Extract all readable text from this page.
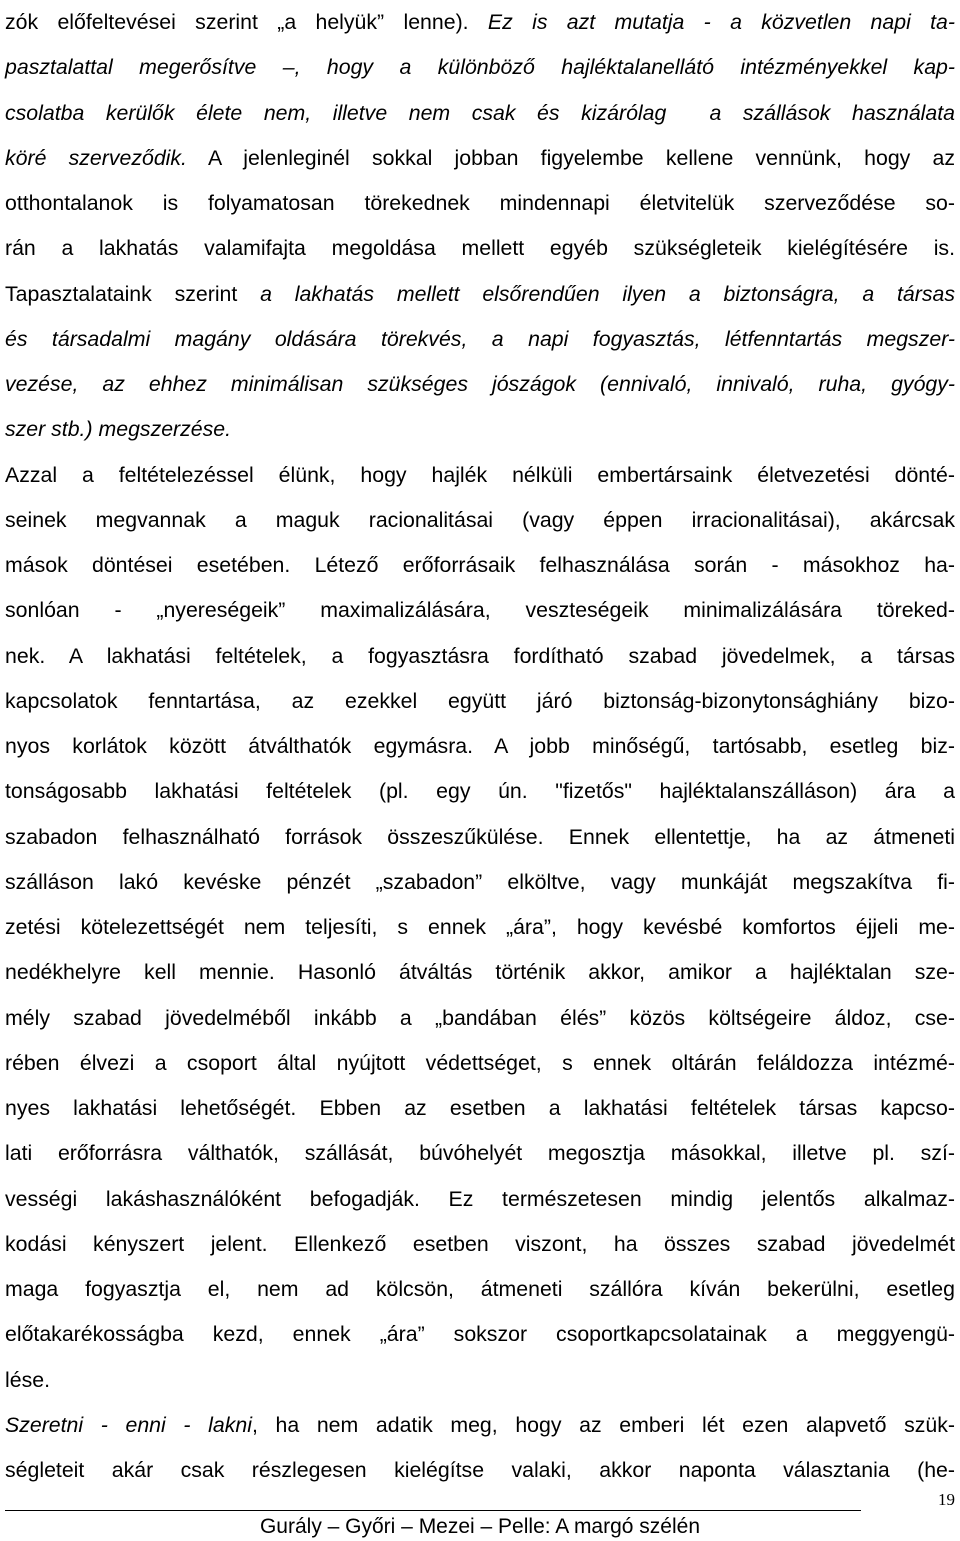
zók előfeltevései szerint „a helyük” lenne). Ez is azt mutatja - a közvetlen napi ta-
pasztalattal megerősítve –, hogy a különböző hajléktalanellátó intézményekkel kap-
csolatba kerülők élete nem, illetve nem csak és kizárólag  a szállások használata
köré szerveződik. A jelenleginél sokkal jobban figyelembe kellene vennünk, hogy az
otthontalanok is folyamatosan törekednek mindennapi életvitelük szerveződése so-
rán a lakhatás valamifajta megoldása mellett egyéb szükségleteik kielégítésére is.
Tapasztalataink szerint a lakhatás mellett elsőrendűen ilyen a biztonságra, a társas
és társadalmi magány oldására törekvés, a napi fogyasztás, létfenntartás megszer-
vezése, az ehhez minimálisan szükséges jószágok (ennivaló, innivaló, ruha, gyógy-
szer stb.) megszerzése.
Azzal a feltételezéssel élünk, hogy hajlék nélküli embertársaink életvezetési dönté-
seinek megvannak a maguk racionalitásai (vagy éppen irracionalitásai), akárcsak
mások döntései esetében. Létező erőforrásaik felhasználása során - másokhoz ha-
sonlóan - „nyereségeik” maximalizálására, veszteségeik minimalizálására töreked-
nek. A lakhatási feltételek, a fogyasztásra fordítható szabad jövedelmek, a társas
kapcsolatok fenntartása, az ezekkel együtt járó biztonság-bizonytonsághiány bizo-
nyos korlátok között átválthatók egymásra. A jobb minőségű, tartósabb, esetleg biz-
tonságosabb lakhatási feltételek (pl. egy ún. "fizetős" hajléktalanszálláson) ára a
szabadon felhasználható források összeszűkülése. Ennek ellentettje, ha az átmeneti
szálláson lakó kevéske pénzét „szabadon” elköltve, vagy munkáját megszakítva fi-
zetési kötelezettségét nem teljesíti, s ennek „ára”, hogy kevésbé komfortos éjjeli me-
nedékhelyre kell mennie. Hasonló átváltás történik akkor, amikor a hajléktalan sze-
mély szabad jövedelméből inkább a „bandában élés” közös költségeire áldoz, cse-
rében élvezi a csoport által nyújtott védettséget, s ennek oltárán feláldozza intézmé-
nyes lakhatási lehetőségét. Ebben az esetben a lakhatási feltételek társas kapcso-
lati erőforrásra válthatók, szállását, búvóhelyét megosztja másokkal, illetve pl. szí-
vességi lakáshasználóként befogadják. Ez természetesen mindig jelentős alkalmaz-
kodási kényszert jelent. Ellenkező esetben viszont, ha összes szabad jövedelmét
maga fogyasztja el, nem ad kölcsön, átmeneti szállóra kíván bekerülni, esetleg
előtakarékosságba kezd, ennek „ára” sokszor csoportkapcsolatainak a meggyengü-
lése.
Szeretni - enni - lakni, ha nem adatik meg, hogy az emberi lét ezen alapvető szük-
ségleteit akár csak részlegesen kielégítse valaki, akkor naponta választania (he-
19
Gurály – Győri – Mezei – Pelle: A margó szélén
